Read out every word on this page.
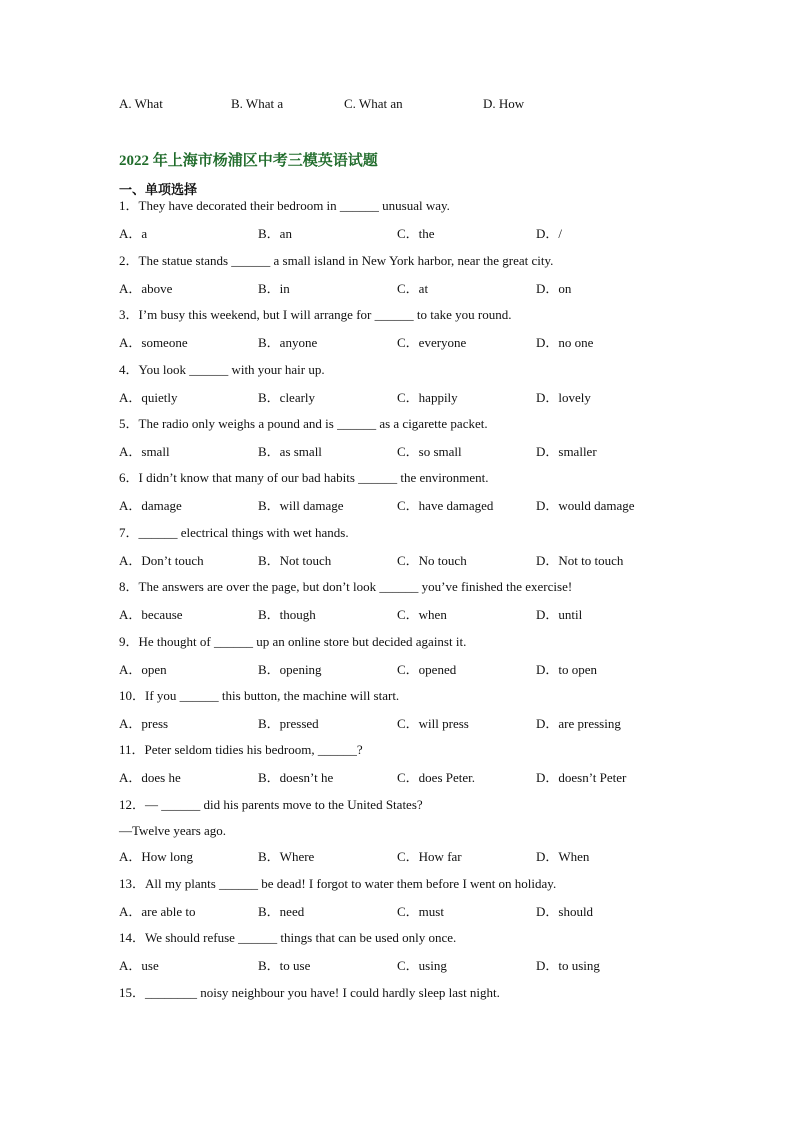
A. What	B. What a	C. What an	D. How
2022 年上海市杨浦区中考三模英语试题
一、单项选择
1．They have decorated their bedroom in ______ unusual way.
A．a	B．an	C．the	D．/
2．The statue stands ______ a small island in New York harbor, near the great city.
A．above	B．in	C．at	D．on
3．I’m busy this weekend, but I will arrange for ______ to take you round.
A．someone	B．anyone	C．everyone	D．no one
4．You look ______ with your hair up.
A．quietly	B．clearly	C．happily	D．lovely
5．The radio only weighs a pound and is ______ as a cigarette packet.
A．small	B．as small	C．so small	D．smaller
6．I didn’t know that many of our bad habits ______ the environment.
A．damage	B．will damage	C．have damaged	D．would damage
7．______ electrical things with wet hands.
A．Don’t touch	B．Not touch	C．No touch	D．Not to touch
8．The answers are over the page, but don’t look ______ you’ve finished the exercise!
A．because	B．though	C．when	D．until
9．He thought of ______ up an online store but decided against it.
A．open	B．opening	C．opened	D．to open
10．If you ______ this button, the machine will start.
A．press	B．pressed	C．will press	D．are pressing
11．Peter seldom tidies his bedroom, ______?
A．does he	B．doesn’t he	C．does Peter.	D．doesn’t Peter
12．— ______ did his parents move to the United States?
—Twelve years ago.
A．How long	B．Where	C．How far	D．When
13．All my plants ______ be dead! I forgot to water them before I went on holiday.
A．are able to	B．need	C．must	D．should
14．We should refuse ______ things that can be used only once.
A．use	B．to use	C．using	D．to using
15．________ noisy neighbour you have! I could hardly sleep last night.
